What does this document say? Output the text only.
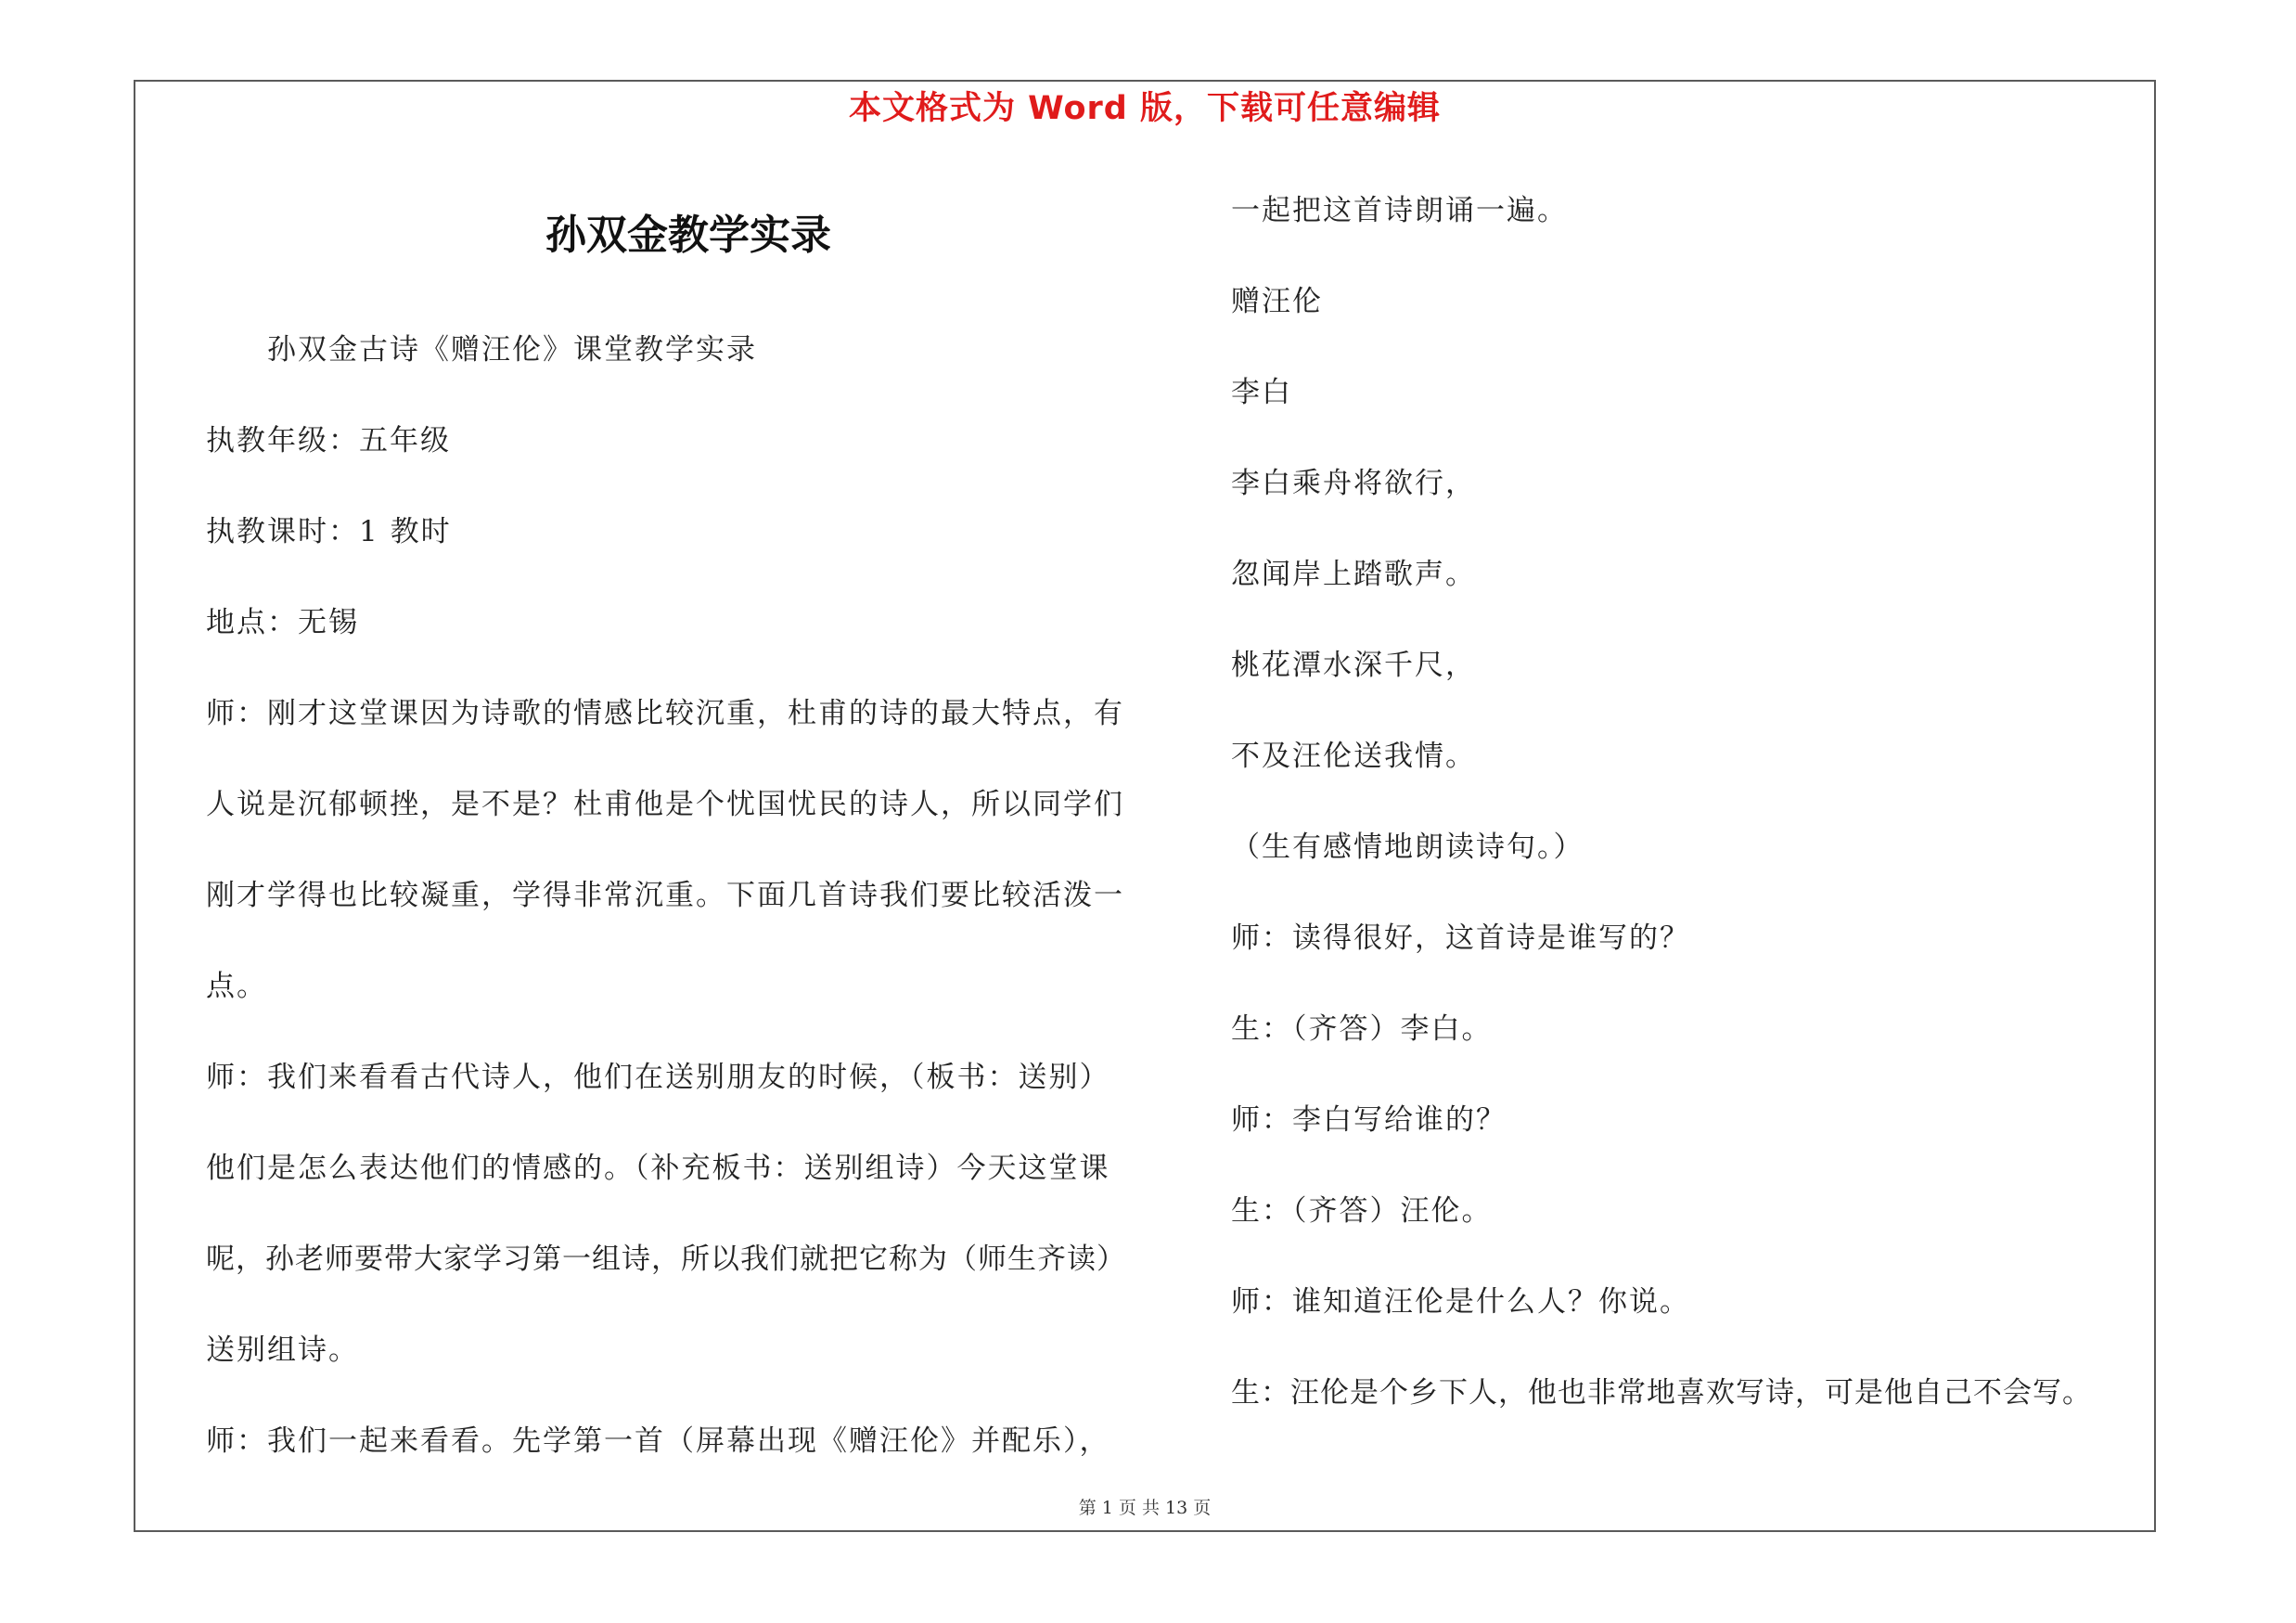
本文格式为 Word 版，下载可任意编辑
孙双金教学实录

孙双金古诗《赠汪伦》课堂教学实录

执教年级：五年级

执教课时：1 教时

地点：无锡

师：刚才这堂课因为诗歌的情感比较沉重，杜甫的诗的最大特点，有

人说是沉郁顿挫，是不是？杜甫他是个忧国忧民的诗人，所以同学们

刚才学得也比较凝重，学得非常沉重。下面几首诗我们要比较活泼一

点。

师：我们来看看古代诗人，他们在送别朋友的时候，（板书：送别）

他们是怎么表达他们的情感的。（补充板书：送别组诗）今天这堂课

呢，孙老师要带大家学习第一组诗，所以我们就把它称为（师生齐读）

送别组诗。

师：我们一起来看看。先学第一首（屏幕出现《赠汪伦》并配乐），

一起把这首诗朗诵一遍。

赠汪伦

李白

李白乘舟将欲行，

忽闻岸上踏歌声。

桃花潭水深千尺，

不及汪伦送我情。

（生有感情地朗读诗句。）

师：读得很好，这首诗是谁写的？

生：（齐答）李白。

师：李白写给谁的？

生：（齐答）汪伦。

师：谁知道汪伦是什么人？你说。

生：汪伦是个乡下人，他也非常地喜欢写诗，可是他自己不会写。

第 1 页 共 13 页
